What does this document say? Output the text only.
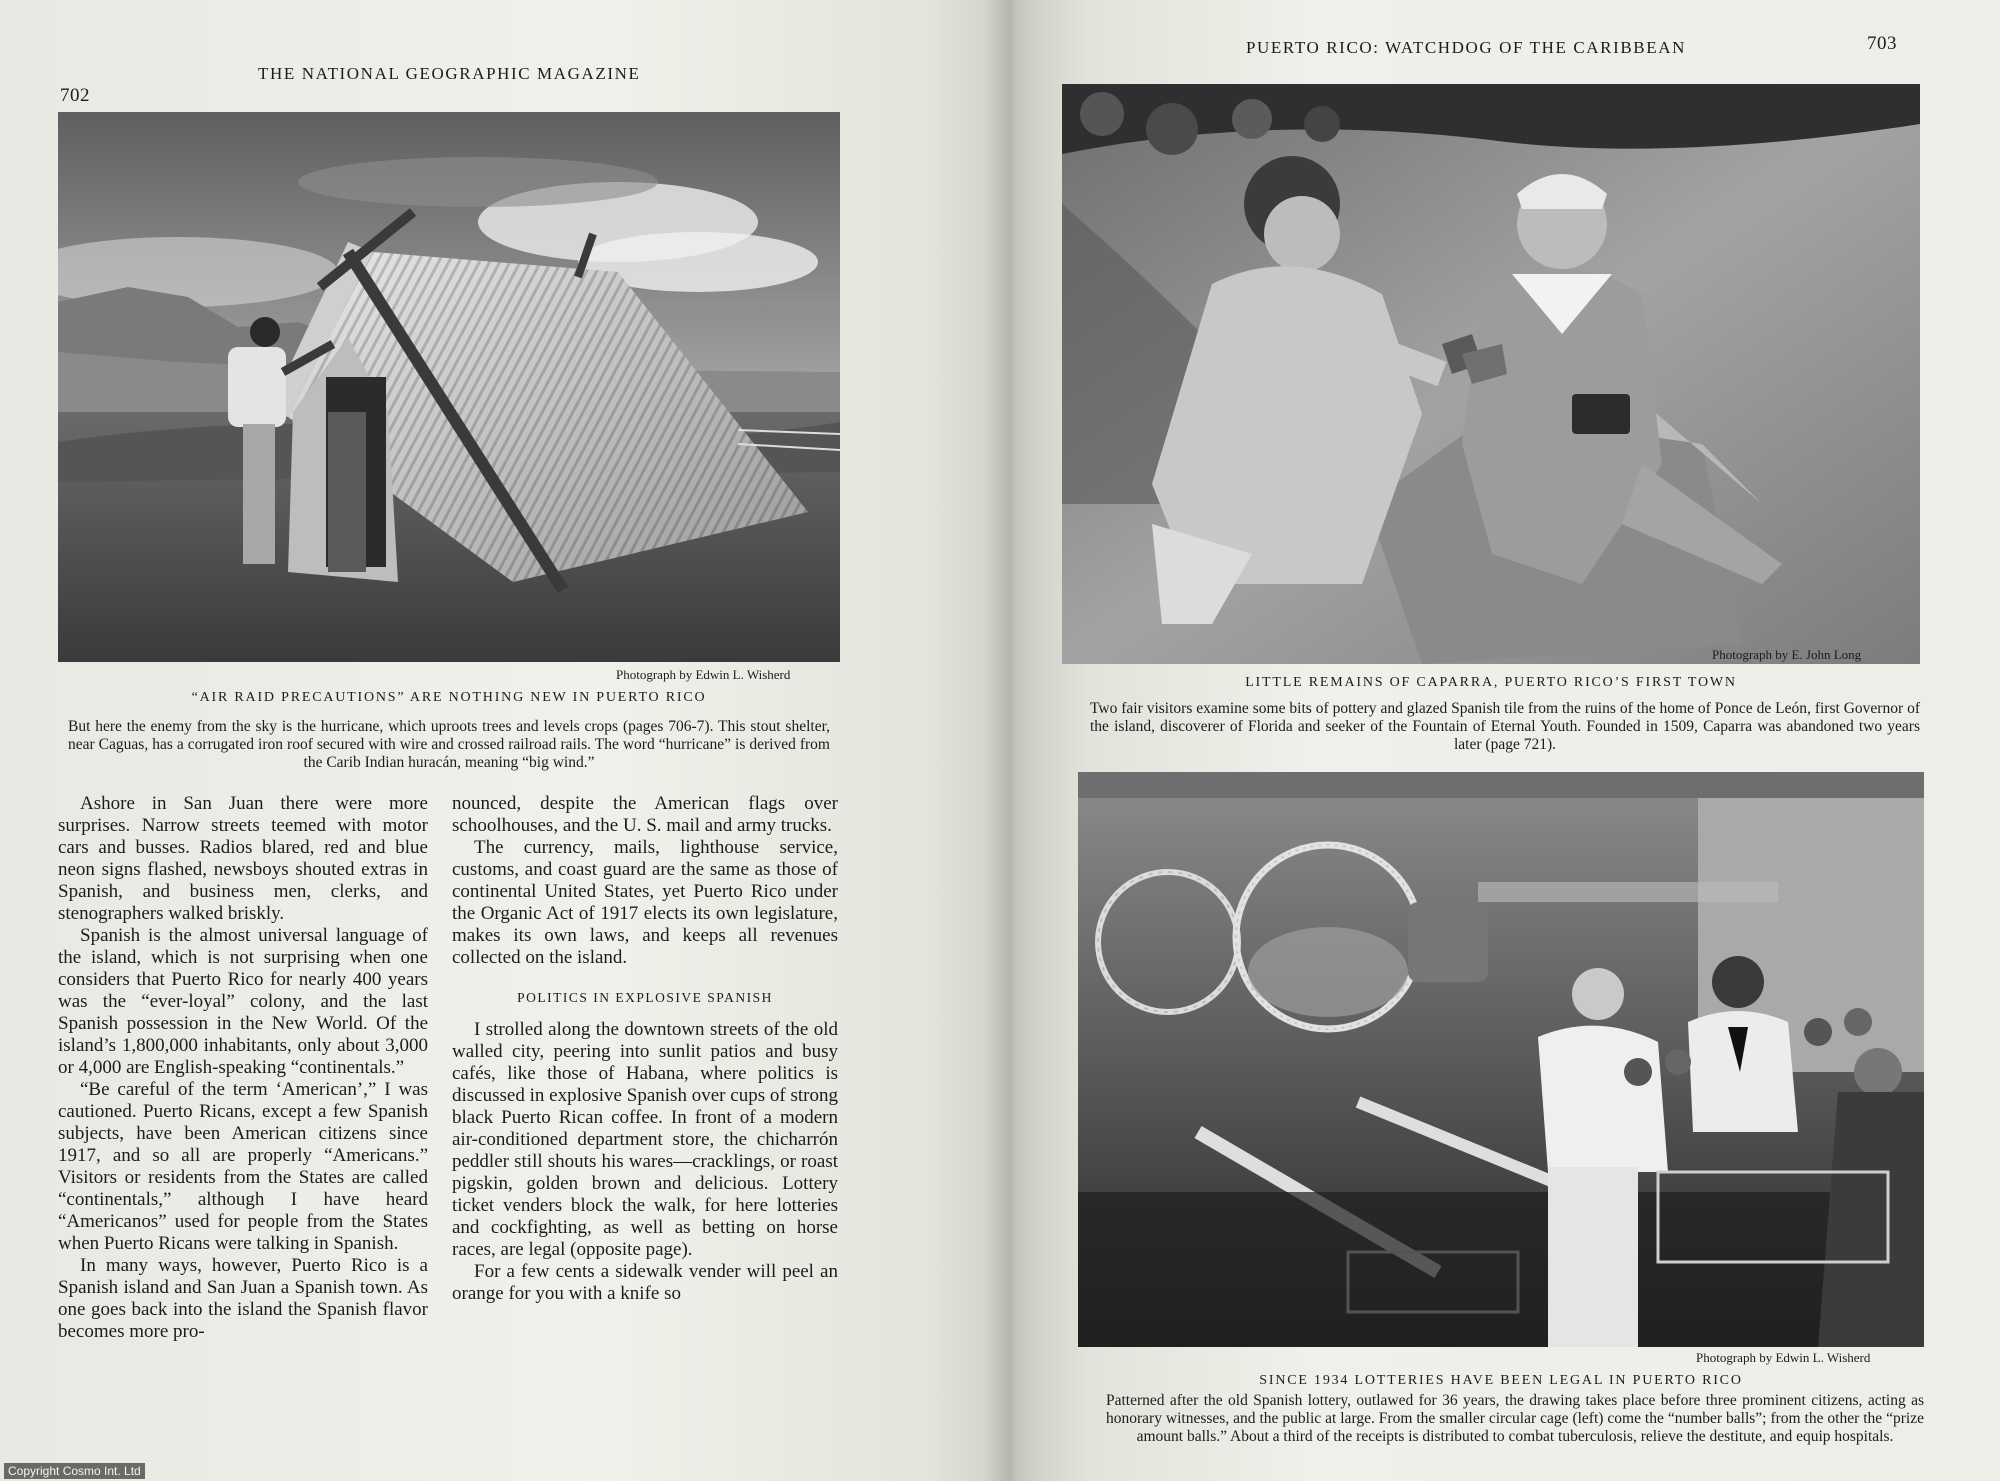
702
THE NATIONAL GEOGRAPHIC MAGAZINE
Photograph by Edwin L. Wisherd
“AIR RAID PRECAUTIONS” ARE NOTHING NEW IN PUERTO RICO
But here the enemy from the sky is the hurricane, which uproots trees and levels crops (pages 706-7). This stout shelter, near Caguas, has a corrugated iron roof secured with wire and crossed railroad rails. The word “hurricane” is derived from the Carib Indian huracán, meaning “big wind.”

Ashore in San Juan there were more surprises. Narrow streets teemed with motor cars and busses. Radios blared, red and blue neon signs flashed, newsboys shouted extras in Spanish, and business men, clerks, and stenographers walked briskly.

Spanish is the almost universal language of the island, which is not surprising when one considers that Puerto Rico for nearly 400 years was the “ever-loyal” colony, and the last Spanish possession in the New World. Of the island’s 1,800,000 inhabitants, only about 3,000 or 4,000 are English-speaking “continentals.”

“Be careful of the term ‘American’,” I was cautioned. Puerto Ricans, except a few Spanish subjects, have been American citizens since 1917, and so all are properly “Americans.” Visitors or residents from the States are called “continentals,” although I have heard “Americanos” used for people from the States when Puerto Ricans were talking in Spanish.

In many ways, however, Puerto Rico is a Spanish island and San Juan a Spanish town. As one goes back into the island the Spanish flavor becomes more pro-

nounced, despite the American flags over schoolhouses, and the U. S. mail and army trucks.

The currency, mails, lighthouse service, customs, and coast guard are the same as those of continental United States, yet Puerto Rico under the Organic Act of 1917 elects its own legislature, makes its own laws, and keeps all revenues collected on the island.

POLITICS IN EXPLOSIVE SPANISH

I strolled along the downtown streets of the old walled city, peering into sunlit patios and busy cafés, like those of Habana, where politics is discussed in explosive Spanish over cups of strong black Puerto Rican coffee. In front of a modern air-conditioned department store, the chicharrón peddler still shouts his wares—cracklings, or roast pigskin, golden brown and delicious. Lottery ticket venders block the walk, for here lotteries and cockfighting, as well as betting on horse races, are legal (opposite page).

For a few cents a sidewalk vender will peel an orange for you with a knife so

PUERTO RICO: WATCHDOG OF THE CARIBBEAN	703
Photograph by E. John Long
LITTLE REMAINS OF CAPARRA, PUERTO RICO’S FIRST TOWN
Two fair visitors examine some bits of pottery and glazed Spanish tile from the ruins of the home of Ponce de León, first Governor of the island, discoverer of Florida and seeker of the Fountain of Eternal Youth. Founded in 1509, Caparra was abandoned two years later (page 721).
Photograph by Edwin L. Wisherd
SINCE 1934 LOTTERIES HAVE BEEN LEGAL IN PUERTO RICO
Patterned after the old Spanish lottery, outlawed for 36 years, the drawing takes place before three prominent citizens, acting as honorary witnesses, and the public at large. From the smaller circular cage (left) come the “number balls”; from the other the “prize amount balls.” About a third of the receipts is distributed to combat tuberculosis, relieve the destitute, and equip hospitals.
Copyright Cosmo Int. Ltd
